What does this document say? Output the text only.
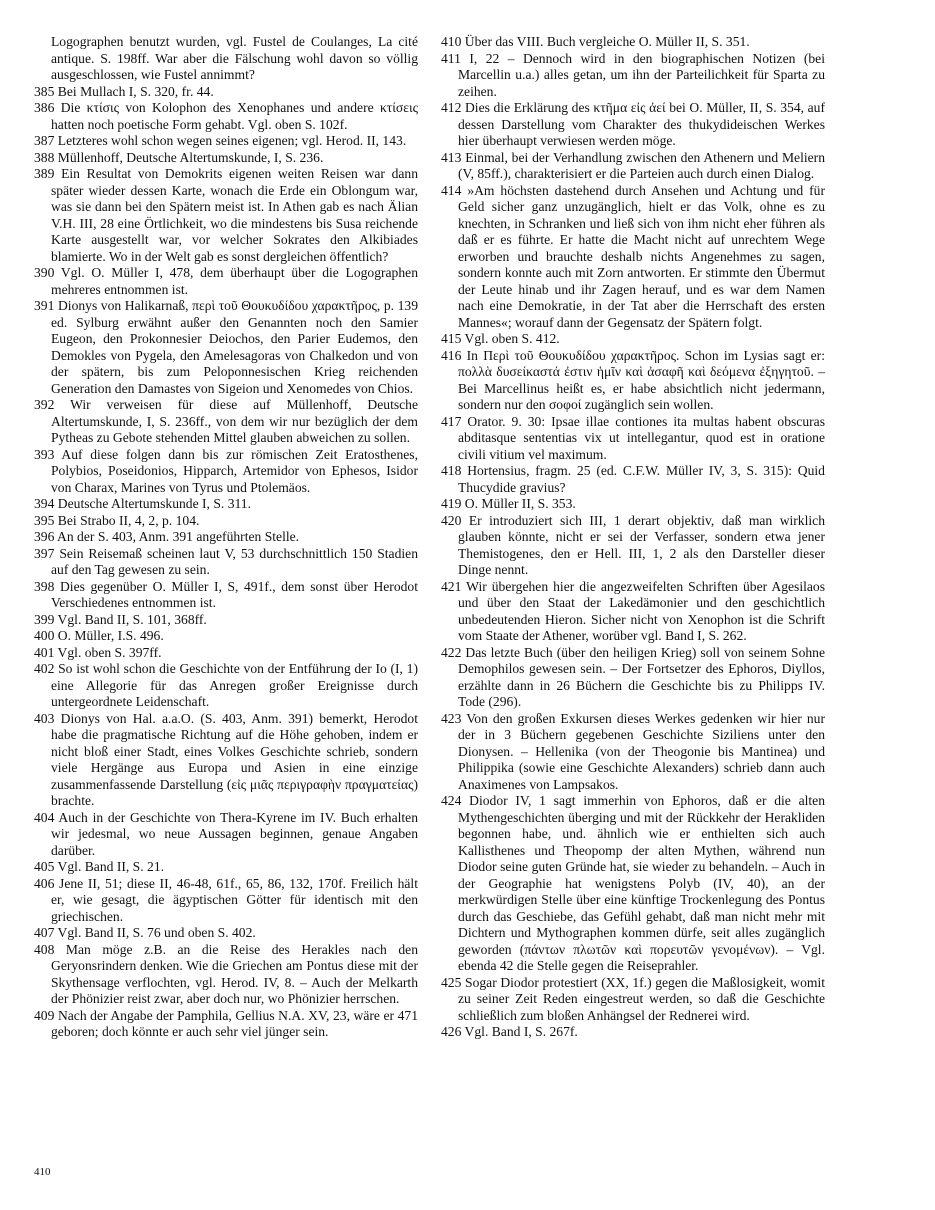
Logographen benutzt wurden, vgl. Fustel de Coulanges, La cité antique. S. 198ff. War aber die Fälschung wohl davon so völlig ausgeschlossen, wie Fustel annimmt?
385 Bei Mullach I, S. 320, fr. 44.
386 Die κτίσις von Kolophon des Xenophanes und andere κτίσεις hatten noch poetische Form gehabt. Vgl. oben S. 102f.
387 Letzteres wohl schon wegen seines eigenen; vgl. Herod. II, 143.
388 Müllenhoff, Deutsche Altertumskunde, I, S. 236.
389 Ein Resultat von Demokrits eigenen weiten Reisen war dann später wieder dessen Karte, wonach die Erde ein Oblongum war, was sie dann bei den Spätern meist ist. In Athen gab es nach Älian V.H. III, 28 eine Örtlichkeit, wo die mindestens bis Susa reichende Karte ausgestellt war, vor welcher Sokrates den Alkibiades blamierte. Wo in der Welt gab es sonst dergleichen öffentlich?
390 Vgl. O. Müller I, 478, dem überhaupt über die Logographen mehreres entnommen ist.
391 Dionys von Halikarnaß, περὶ τοῦ Θουκυδίδου χαρακτῆρος, p. 139 ed. Sylburg erwähnt außer den Genannten noch den Samier Eugeon, den Prokonnesier Deiochos, den Parier Eudemos, den Demokles von Pygela, den Amelesagoras von Chalkedon und von der spätern, bis zum Peloponnesischen Krieg reichenden Generation den Damastes von Sigeion und Xenomedes von Chios.
392 Wir verweisen für diese auf Müllenhoff, Deutsche Altertumskunde, I, S. 236ff., von dem wir nur bezüglich der dem Pytheas zu Gebote stehenden Mittel glauben abweichen zu sollen.
393 Auf diese folgen dann bis zur römischen Zeit Eratosthenes, Polybios, Poseidonios, Hipparch, Artemidor von Ephesos, Isidor von Charax, Marines von Tyrus und Ptolemäos.
394 Deutsche Altertumskunde I, S. 311.
395 Bei Strabo II, 4, 2, p. 104.
396 An der S. 403, Anm. 391 angeführten Stelle.
397 Sein Reisemaß scheinen laut V, 53 durchschnittlich 150 Stadien auf den Tag gewesen zu sein.
398 Dies gegenüber O. Müller I, S, 491f., dem sonst über Herodot Verschiedenes entnommen ist.
399 Vgl. Band II, S. 101, 368ff.
400 O. Müller, I.S. 496.
401 Vgl. oben S. 397ff.
402 So ist wohl schon die Geschichte von der Entführung der Io (I, 1) eine Allegorie für das Anregen großer Ereignisse durch untergeordnete Leidenschaft.
403 Dionys von Hal. a.a.O. (S. 403, Anm. 391) bemerkt, Herodot habe die pragmatische Richtung auf die Höhe gehoben, indem er nicht bloß einer Stadt, eines Volkes Geschichte schrieb, sondern viele Hergänge aus Europa und Asien in eine einzige zusammenfassende Darstellung (εἰς μιᾶς περιγραφὴν πραγματείας) brachte.
404 Auch in der Geschichte von Thera-Kyrene im IV. Buch erhalten wir jedesmal, wo neue Aussagen beginnen, genaue Angaben darüber.
405 Vgl. Band II, S. 21.
406 Jene II, 51; diese II, 46-48, 61f., 65, 86, 132, 170f. Freilich hält er, wie gesagt, die ägyptischen Götter für identisch mit den griechischen.
407 Vgl. Band II, S. 76 und oben S. 402.
408 Man möge z.B. an die Reise des Herakles nach den Geryonsrindern denken. Wie die Griechen am Pontus diese mit der Skythensage verflochten, vgl. Herod. IV, 8. – Auch der Melkarth der Phönizier reist zwar, aber doch nur, wo Phönizier herrschen.
409 Nach der Angabe der Pamphila, Gellius N.A. XV, 23, wäre er 471 geboren; doch könnte er auch sehr viel jünger sein.
410 Über das VIII. Buch vergleiche O. Müller II, S. 351.
411 I, 22 – Dennoch wird in den biographischen Notizen (bei Marcellin u.a.) alles getan, um ihn der Parteilichkeit für Sparta zu zeihen.
412 Dies die Erklärung des κτῆμα εἰς ἀεί bei O. Müller, II, S. 354, auf dessen Darstellung vom Charakter des thukydideischen Werkes hier überhaupt verwiesen werden möge.
413 Einmal, bei der Verhandlung zwischen den Athenern und Meliern (V, 85ff.), charakterisiert er die Parteien auch durch einen Dialog.
414 »Am höchsten dastehend durch Ansehen und Achtung und für Geld sicher ganz unzugänglich, hielt er das Volk, ohne es zu knechten, in Schranken und ließ sich von ihm nicht eher führen als daß er es führte. Er hatte die Macht nicht auf unrechtem Wege erworben und brauchte deshalb nichts Angenehmes zu sagen, sondern konnte auch mit Zorn antworten. Er stimmte den Übermut der Leute hinab und ihr Zagen herauf, und es war dem Namen nach eine Demokratie, in der Tat aber die Herrschaft des ersten Mannes«; worauf dann der Gegensatz der Spätern folgt.
415 Vgl. oben S. 412.
416 In Περὶ τοῦ Θουκυδίδου χαρακτῆρος. Schon im Lysias sagt er: πολλὰ δυσείκαστά ἐστιν ἡμῖν καὶ ἀσαφῆ καὶ δεόμενα ἐξηγητοῦ. – Bei Marcellinus heißt es, er habe absichtlich nicht jedermann, sondern nur den σοφοί zugänglich sein wollen.
417 Orator. 9. 30: Ipsae illae contiones ita multas habent obscuras abditasque sententias vix ut intellegantur, quod est in oratione civili vitium vel maximum.
418 Hortensius, fragm. 25 (ed. C.F.W. Müller IV, 3, S. 315): Quid Thucydide gravius?
419 O. Müller II, S. 353.
420 Er introduziert sich III, 1 derart objektiv, daß man wirklich glauben könnte, nicht er sei der Verfasser, sondern etwa jener Themistogenes, den er Hell. III, 1, 2 als den Darsteller dieser Dinge nennt.
421 Wir übergehen hier die angezweifelten Schriften über Agesilaos und über den Staat der Lakedämonier und den geschichtlich unbedeutenden Hieron. Sicher nicht von Xenophon ist die Schrift vom Staate der Athener, worüber vgl. Band I, S. 262.
422 Das letzte Buch (über den heiligen Krieg) soll von seinem Sohne Demophilos gewesen sein. – Der Fortsetzer des Ephoros, Diyllos, erzählte dann in 26 Büchern die Geschichte bis zu Philipps IV. Tode (296).
423 Von den großen Exkursen dieses Werkes gedenken wir hier nur der in 3 Büchern gegebenen Geschichte Siziliens unter den Dionysen. – Hellenika (von der Theogonie bis Mantinea) und Philippika (sowie eine Geschichte Alexanders) schrieb dann auch Anaximenes von Lampsakos.
424 Diodor IV, 1 sagt immerhin von Ephoros, daß er die alten Mythengeschichten überging und mit der Rückkehr der Herakliden begonnen habe, und. ähnlich wie er enthielten sich auch Kallisthenes und Theopomp der alten Mythen, während nun Diodor seine guten Gründe hat, sie wieder zu behandeln. – Auch in der Geographie hat wenigstens Polyb (IV, 40), an der merkwürdigen Stelle über eine künftige Trockenlegung des Pontus durch das Geschiebe, das Gefühl gehabt, daß man nicht mehr mit Dichtern und Mythographen kommen dürfe, seit alles zugänglich geworden (πάντων πλωτῶν καὶ πορευτῶν γενομένων). – Vgl. ebenda 42 die Stelle gegen die Reiseprahler.
425 Sogar Diodor protestiert (XX, 1f.) gegen die Maßlosigkeit, womit zu seiner Zeit Reden eingestreut werden, so daß die Geschichte schließlich zum bloßen Anhängsel der Rednerei wird.
426 Vgl. Band I, S. 267f.
410
